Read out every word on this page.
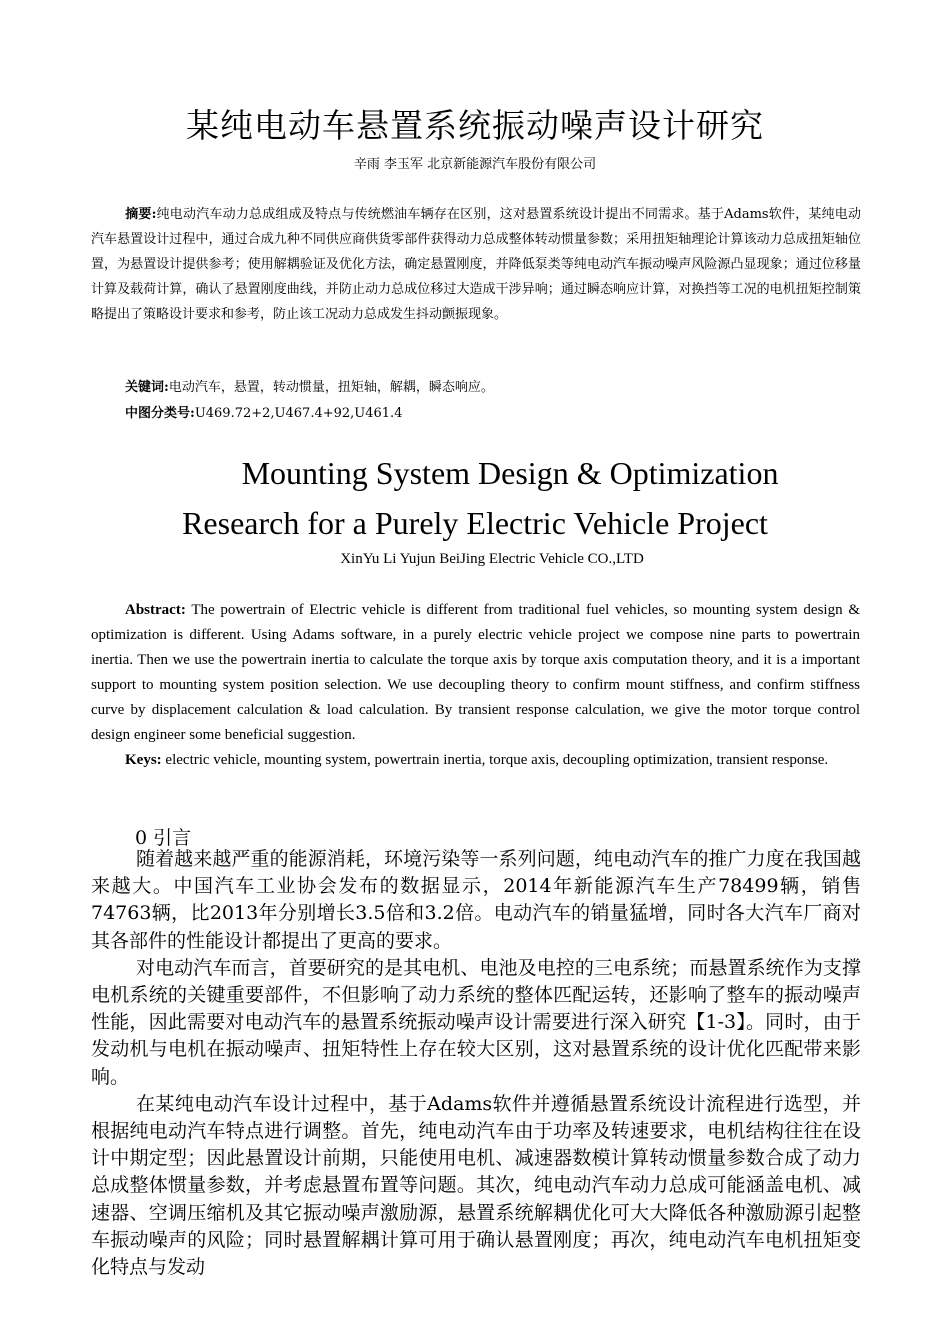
某纯电动车悬置系统振动噪声设计研究
辛雨 李玉军 北京新能源汽车股份有限公司
摘要:纯电动汽车动力总成组成及特点与传统燃油车辆存在区别，这对悬置系统设计提出不同需求。基于Adams软件，某纯电动汽车悬置设计过程中，通过合成九种不同供应商供货零部件获得动力总成整体转动惯量参数；采用扭矩轴理论计算该动力总成扭矩轴位置，为悬置设计提供参考；使用解耦验证及优化方法，确定悬置刚度，并降低泵类等纯电动汽车振动噪声风险源凸显现象；通过位移量计算及载荷计算，确认了悬置刚度曲线，并防止动力总成位移过大造成干涉异响；通过瞬态响应计算，对换挡等工况的电机扭矩控制策略提出了策略设计要求和参考，防止该工况动力总成发生抖动颤振现象。
关键词:电动汽车，悬置，转动惯量，扭矩轴，解耦，瞬态响应。
中图分类号:U469.72+2,U467.4+92,U461.4
Mounting System Design & Optimization
Research for a Purely Electric Vehicle Project
XinYu Li Yujun BeiJing Electric Vehicle CO.,LTD
Abstract: The powertrain of Electric vehicle is different from traditional fuel vehicles, so mounting system design & optimization is different. Using Adams software, in a purely electric vehicle project we compose nine parts to powertrain inertia. Then we use the powertrain inertia to calculate the torque axis by torque axis computation theory, and it is a important support to mounting system position selection. We use decoupling theory to confirm mount stiffness, and confirm stiffness curve by displacement calculation & load calculation. By transient response calculation, we give the motor torque control design engineer some beneficial suggestion.
Keys: electric vehicle, mounting system, powertrain inertia, torque axis, decoupling optimization, transient response.
0 引言

随着越来越严重的能源消耗，环境污染等一系列问题，纯电动汽车的推广力度在我国越来越大。中国汽车工业协会发布的数据显示，2014年新能源汽车生产78499辆，销售74763辆，比2013年分别增长3.5倍和3.2倍。电动汽车的销量猛增，同时各大汽车厂商对其各部件的性能设计都提出了更高的要求。

对电动汽车而言，首要研究的是其电机、电池及电控的三电系统；而悬置系统作为支撑电机系统的关键重要部件，不但影响了动力系统的整体匹配运转，还影响了整车的振动噪声性能，因此需要对电动汽车的悬置系统振动噪声设计需要进行深入研究【1-3】。同时，由于发动机与电机在振动噪声、扭矩特性上存在较大区别，这对悬置系统的设计优化匹配带来影响。

在某纯电动汽车设计过程中，基于Adams软件并遵循悬置系统设计流程进行选型，并根据纯电动汽车特点进行调整。首先，纯电动汽车由于功率及转速要求，电机结构往往在设计中期定型；因此悬置设计前期，只能使用电机、减速器数模计算转动惯量参数合成了动力总成整体惯量参数，并考虑悬置布置等问题。其次，纯电动汽车动力总成可能涵盖电机、减速器、空调压缩机及其它振动噪声激励源，悬置系统解耦优化可大大降低各种激励源引起整车振动噪声的风险；同时悬置解耦计算可用于确认悬置刚度；再次，纯电动汽车电机扭矩变化特点与发动
